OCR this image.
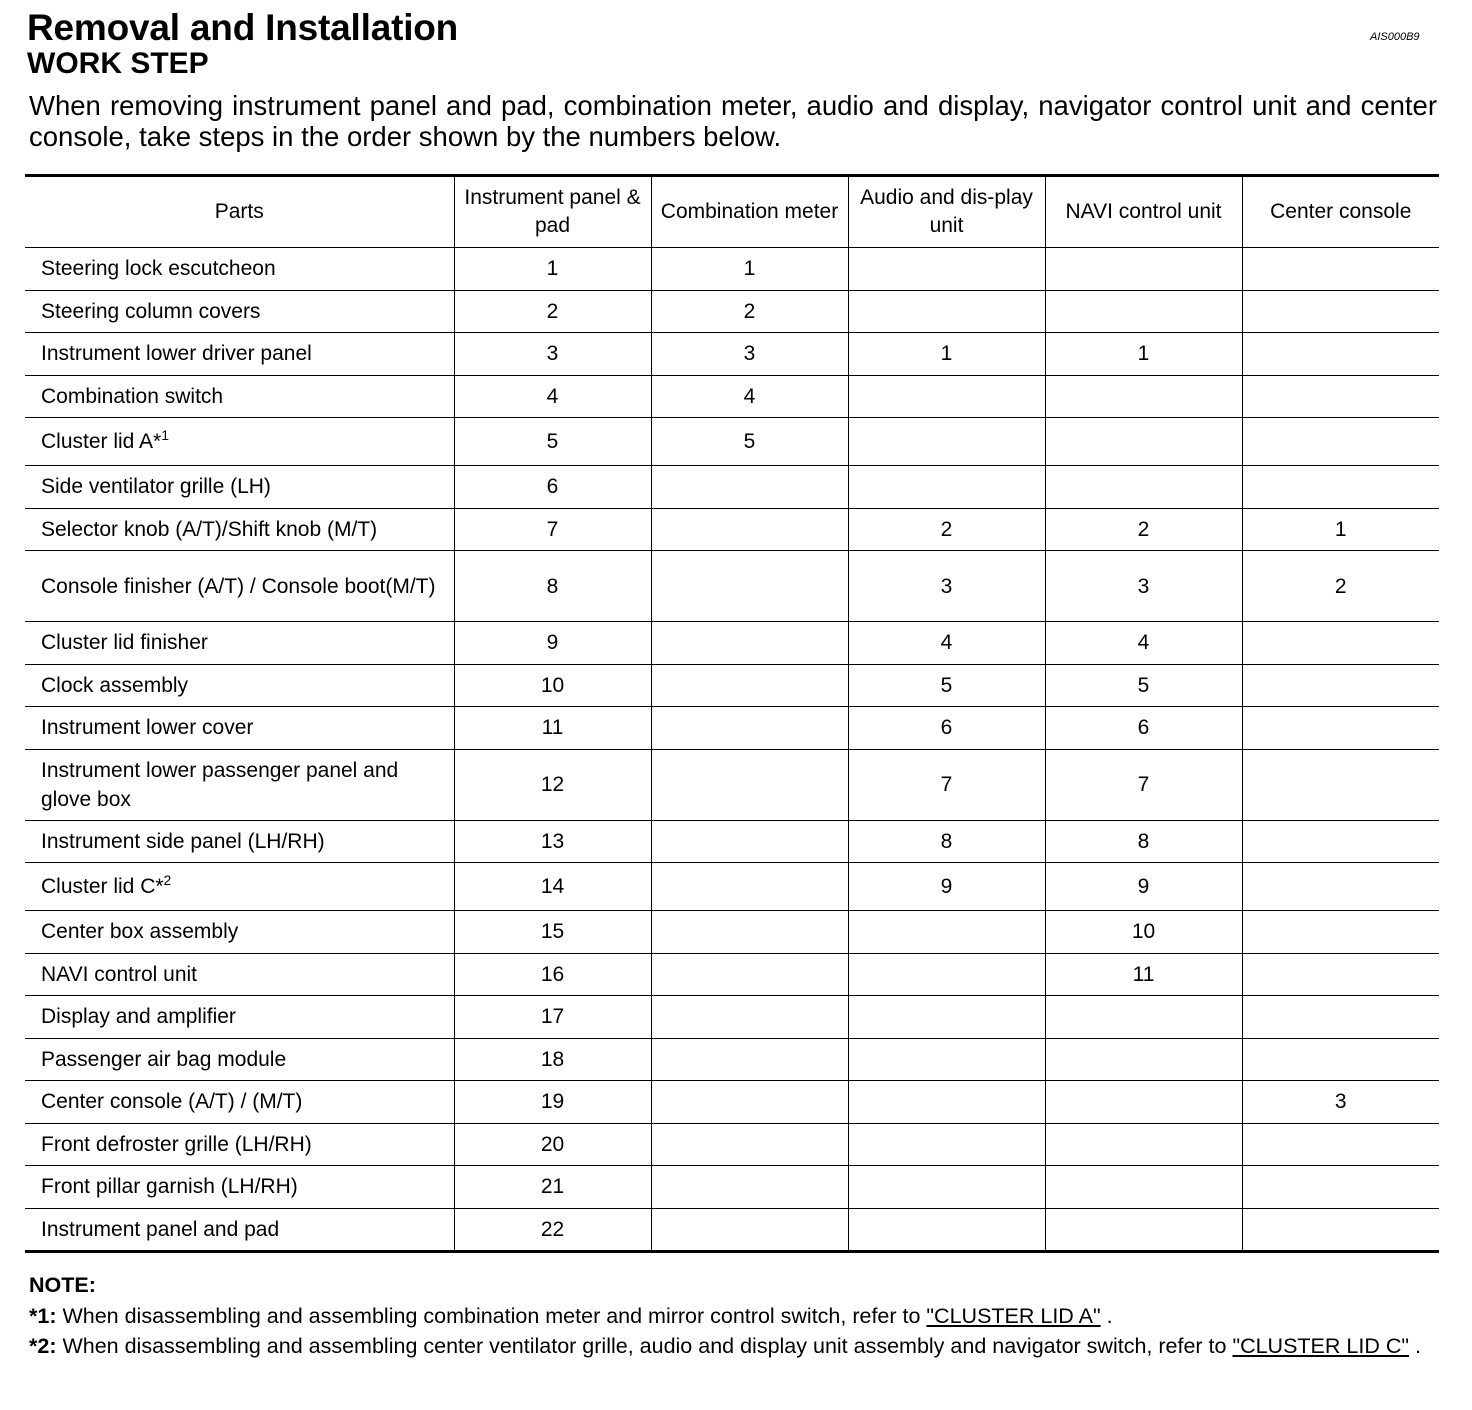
Removal and Installation
WORK STEP
AIS000B9
When removing instrument panel and pad, combination meter, audio and display, navigator control unit and center console, take steps in the order shown by the numbers below.
Parts	Instrument panel & pad	Combination meter	Audio and dis-play unit	NAVI control unit	Center console
Steering lock escutcheon	1	1			
Steering column covers	2	2			
Instrument lower driver panel	3	3	1	1	
Combination switch	4	4			
Cluster lid A*$^1$	5	5			
Side ventilator grille (LH)	6				
Selector knob (A/T)/Shift knob (M/T)	7		2	2	1
Console finisher (A/T) / Console boot(M/T)	8		3	3	2
Cluster lid finisher	9		4	4	
Clock assembly	10		5	5	
Instrument lower cover	11		6	6	
Instrument lower passenger panel and glove box	12		7	7	
Instrument side panel (LH/RH)	13		8	8	
Cluster lid C*$^2$	14		9	9	
Center box assembly	15			10	
NAVI control unit	16			11	
Display and amplifier	17				
Passenger air bag module	18				
Center console (A/T) / (M/T)	19				3
Front defroster grille (LH/RH)	20				
Front pillar garnish (LH/RH)	21				
Instrument panel and pad	22				
NOTE:
*1: When disassembling and assembling combination meter and mirror control switch, refer to "CLUSTER LID A" .
*2: When disassembling and assembling center ventilator grille, audio and display unit assembly and navigator switch, refer to "CLUSTER LID C" .
